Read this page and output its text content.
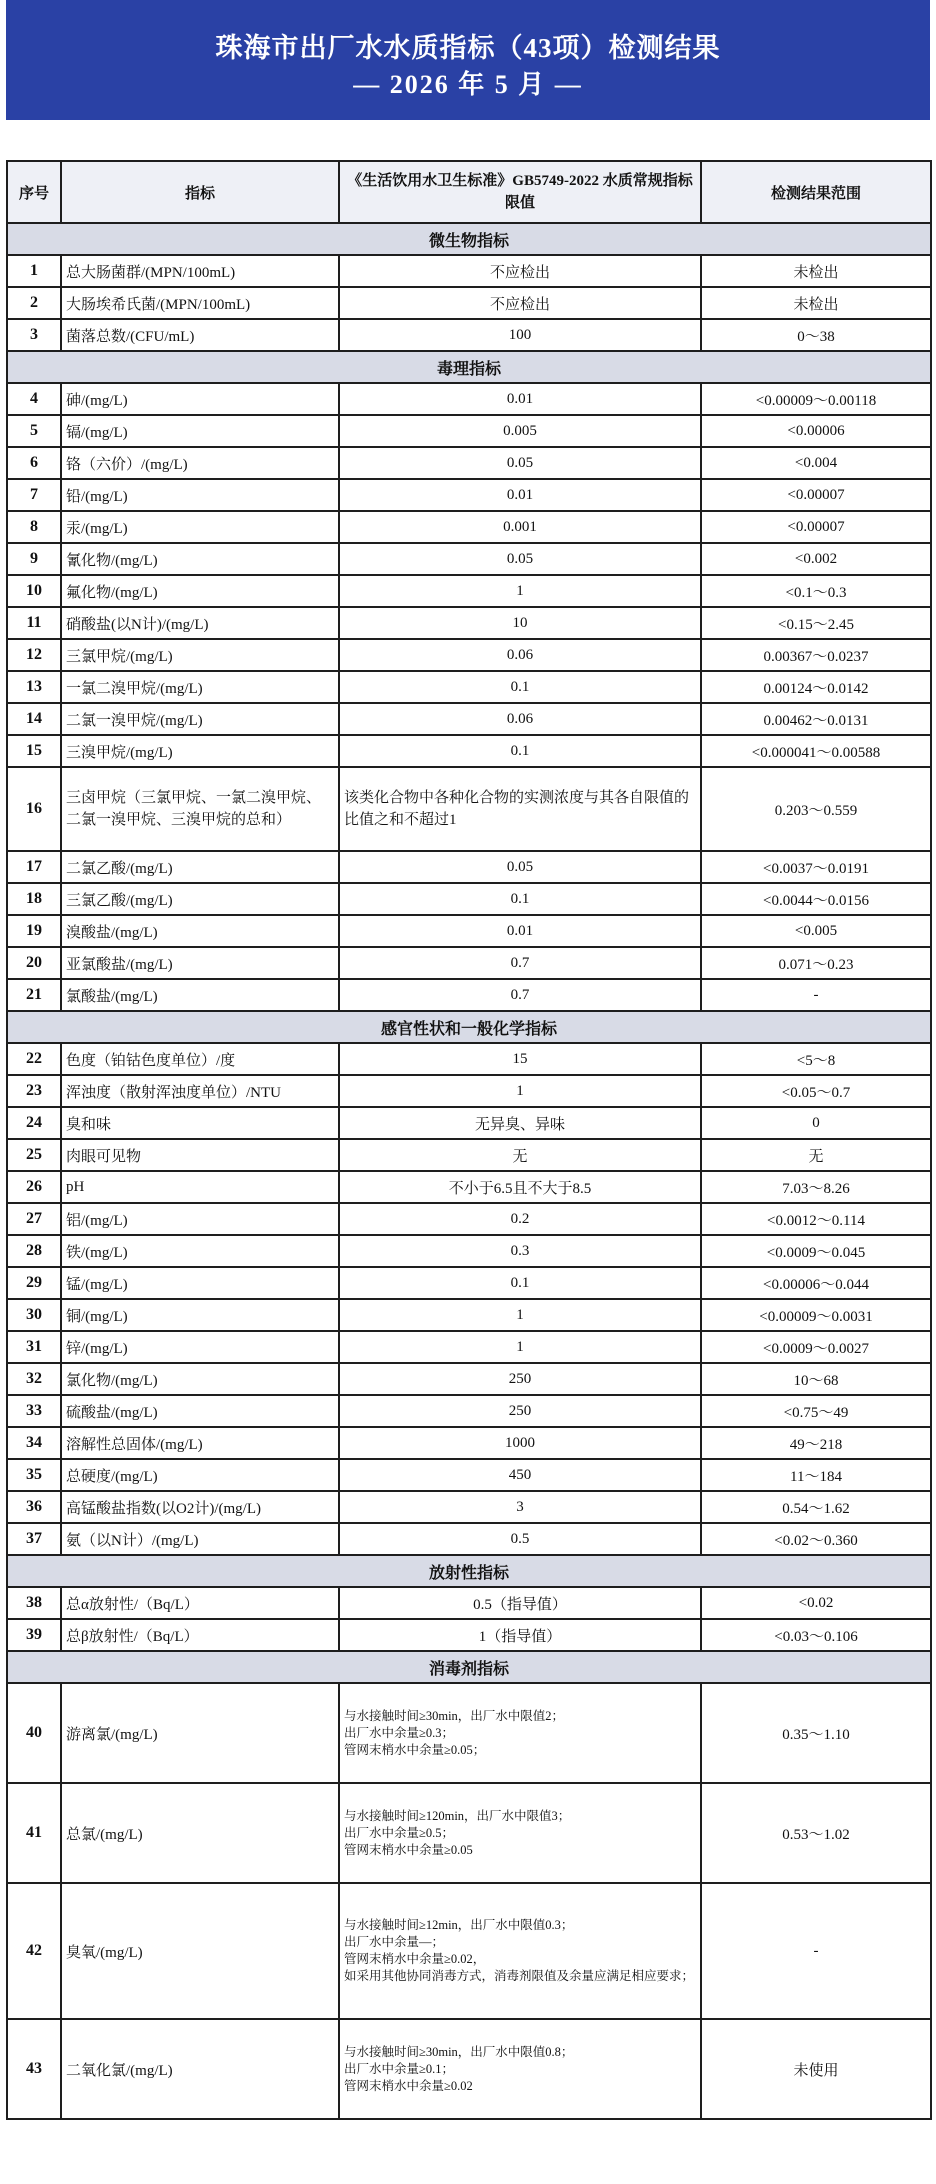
珠海市出厂水水质指标（43项）检测结果
— 2026 年 5 月 —
序号	指标	《生活饮用水卫生标准》GB5749-2022 水质常规指标限值	检测结果范围
微生物指标			
1	总大肠菌群/(MPN/100mL)	不应检出	未检出
2	大肠埃希氏菌/(MPN/100mL)	不应检出	未检出
3	菌落总数/(CFU/mL)	100	0～38
毒理指标			
4	砷/(mg/L)	0.01	<0.00009～0.00118
5	镉/(mg/L)	0.005	<0.00006
6	铬（六价）/(mg/L)	0.05	<0.004
7	铅/(mg/L)	0.01	<0.00007
8	汞/(mg/L)	0.001	<0.00007
9	氰化物/(mg/L)	0.05	<0.002
10	氟化物/(mg/L)	1	<0.1～0.3
11	硝酸盐(以N计)/(mg/L)	10	<0.15～2.45
12	三氯甲烷/(mg/L)	0.06	0.00367～0.0237
13	一氯二溴甲烷/(mg/L)	0.1	0.00124～0.0142
14	二氯一溴甲烷/(mg/L)	0.06	0.00462～0.0131
15	三溴甲烷/(mg/L)	0.1	<0.000041～0.00588
16	三卤甲烷（三氯甲烷、一氯二溴甲烷、二氯一溴甲烷、三溴甲烷的总和）	该类化合物中各种化合物的实测浓度与其各自限值的比值之和不超过1	0.203～0.559
17	二氯乙酸/(mg/L)	0.05	<0.0037～0.0191
18	三氯乙酸/(mg/L)	0.1	<0.0044～0.0156
19	溴酸盐/(mg/L)	0.01	<0.005
20	亚氯酸盐/(mg/L)	0.7	0.071～0.23
21	氯酸盐/(mg/L)	0.7	-
感官性状和一般化学指标			
22	色度（铂钴色度单位）/度	15	<5～8
23	浑浊度（散射浑浊度单位）/NTU	1	<0.05～0.7
24	臭和味	无异臭、异味	0
25	肉眼可见物	无	无
26	pH	不小于6.5且不大于8.5	7.03～8.26
27	铝/(mg/L)	0.2	<0.0012～0.114
28	铁/(mg/L)	0.3	<0.0009～0.045
29	锰/(mg/L)	0.1	<0.00006～0.044
30	铜/(mg/L)	1	<0.00009～0.0031
31	锌/(mg/L)	1	<0.0009～0.0027
32	氯化物/(mg/L)	250	10～68
33	硫酸盐/(mg/L)	250	<0.75～49
34	溶解性总固体/(mg/L)	1000	49～218
35	总硬度/(mg/L)	450	11～184
36	高锰酸盐指数(以O2计)/(mg/L)	3	0.54～1.62
37	氨（以N计）/(mg/L)	0.5	<0.02～0.360
放射性指标			
38	总α放射性/（Bq/L）	0.5（指导值）	<0.02
39	总β放射性/（Bq/L）	1（指导值）	<0.03～0.106
消毒剂指标			
40	游离氯/(mg/L)	与水接触时间≥30min，出厂水中限值2；
出厂水中余量≥0.3；
管网末梢水中余量≥0.05；	0.35～1.10
41	总氯/(mg/L)	与水接触时间≥120min，出厂水中限值3；
出厂水中余量≥0.5；
管网末梢水中余量≥0.05	0.53～1.02
42	臭氧/(mg/L)	与水接触时间≥12min，出厂水中限值0.3；
出厂水中余量—；
管网末梢水中余量≥0.02，
如采用其他协同消毒方式，消毒剂限值及余量应满足相应要求；	-
43	二氧化氯/(mg/L)	与水接触时间≥30min，出厂水中限值0.8；
出厂水中余量≥0.1；
管网末梢水中余量≥0.02	未使用
